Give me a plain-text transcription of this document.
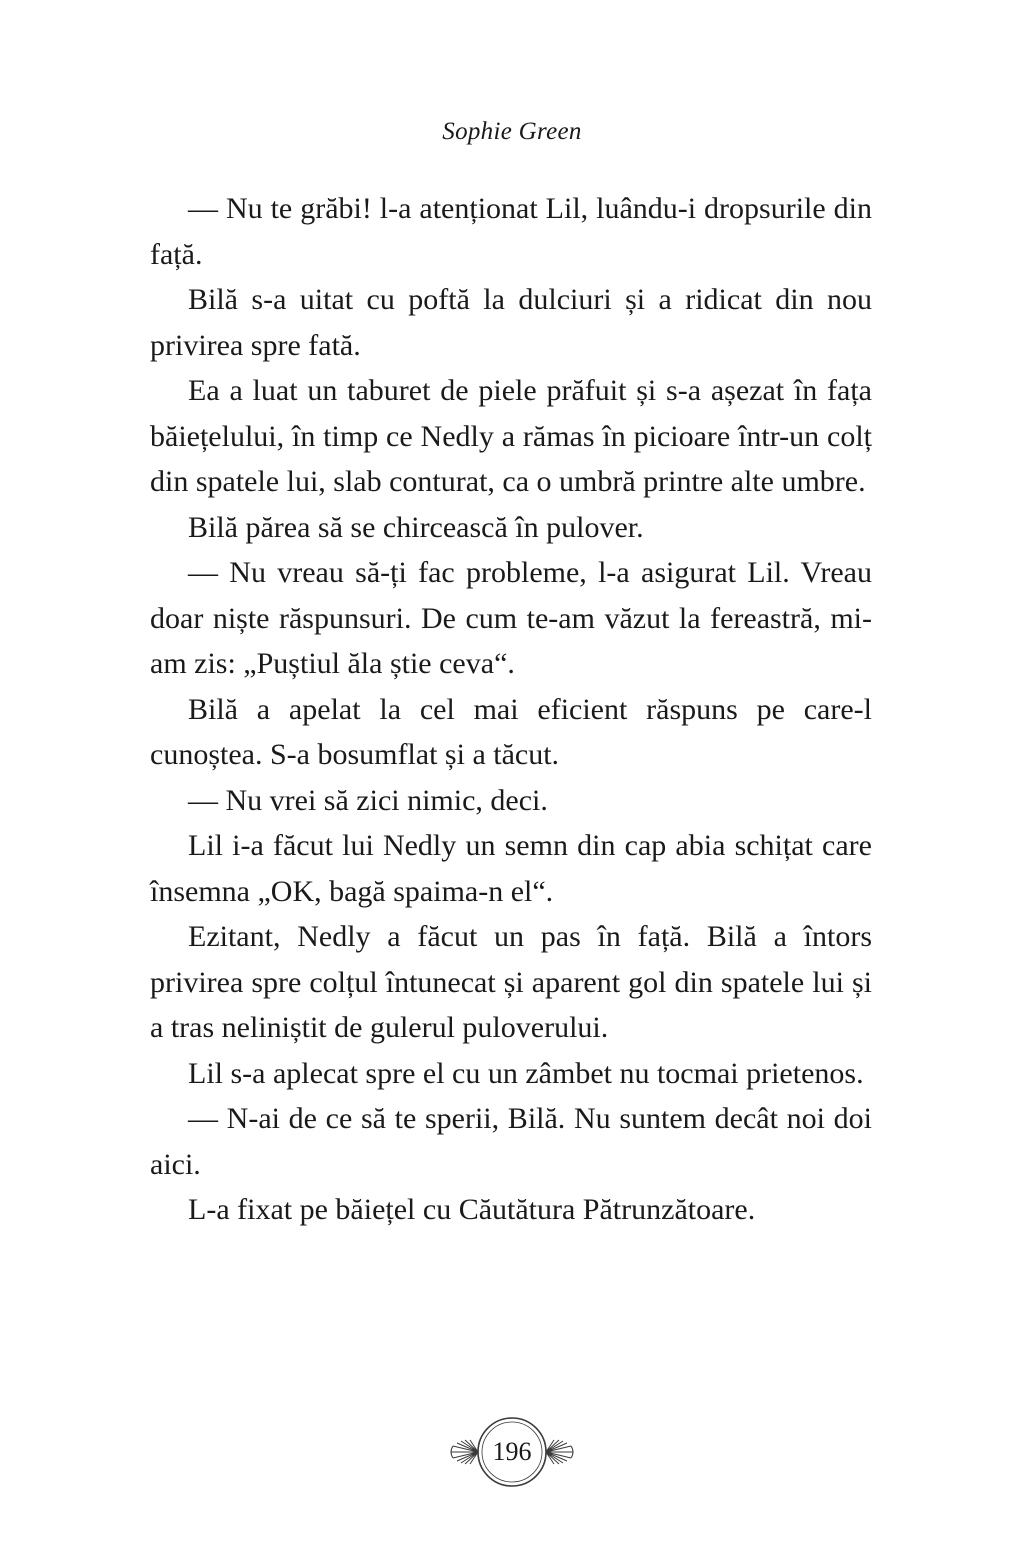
Sophie Green

— Nu te grăbi! l-a atenționat Lil, luându-i dropsurile din față.

Bilă s-a uitat cu poftă la dulciuri și a ridicat din nou privirea spre fată.

Ea a luat un taburet de piele prăfuit și s-a așezat în fața băiețelului, în timp ce Nedly a rămas în picioare într-un colț din spatele lui, slab conturat, ca o umbră printre alte umbre.

Bilă părea să se chircească în pulover.

— Nu vreau să-ți fac probleme, l-a asigurat Lil. Vreau doar niște răspunsuri. De cum te-am văzut la fereastră, mi-am zis: „Puștiul ăla știe ceva“.

Bilă a apelat la cel mai eficient răspuns pe care-l cunoștea. S-a bosumflat și a tăcut.

— Nu vrei să zici nimic, deci.

Lil i-a făcut lui Nedly un semn din cap abia schițat care însemna „OK, bagă spaima-n el“.

Ezitant, Nedly a făcut un pas în față. Bilă a întors privirea spre colțul întunecat și aparent gol din spatele lui și a tras neliniștit de gulerul puloverului.

Lil s-a aplecat spre el cu un zâmbet nu tocmai prietenos.

— N-ai de ce să te sperii, Bilă. Nu suntem decât noi doi aici.

L-a fixat pe băiețel cu Căutătura Pătrunzătoare.

196
